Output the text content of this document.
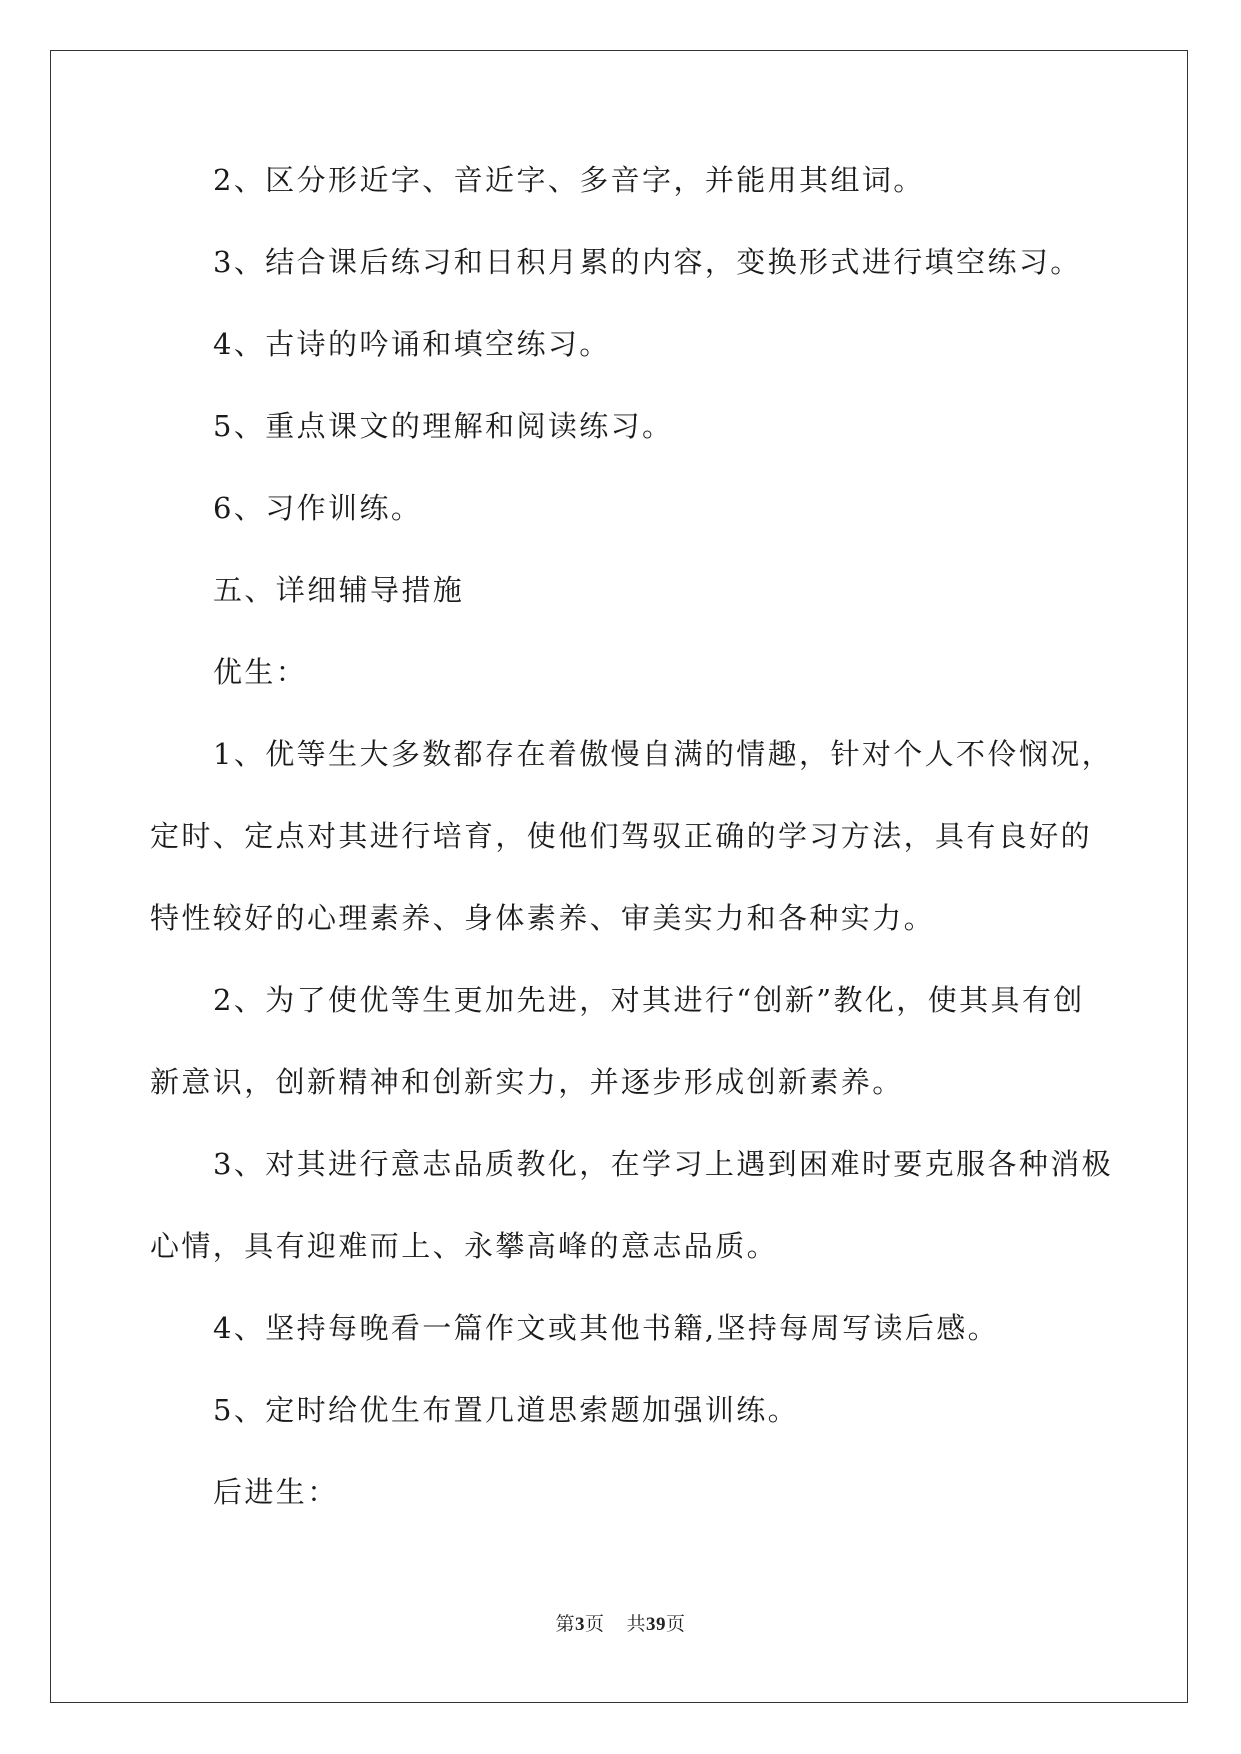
2、区分形近字、音近字、多音字，并能用其组词。
3、结合课后练习和日积月累的内容，变换形式进行填空练习。
4、古诗的吟诵和填空练习。
5、重点课文的理解和阅读练习。
6、习作训练。
五、详细辅导措施
优生：
1、优等生大多数都存在着傲慢自满的情趣，针对个人不伶悯况，
定时、定点对其进行培育，使他们驾驭正确的学习方法，具有良好的
特性较好的心理素养、身体素养、审美实力和各种实力。
2、为了使优等生更加先进，对其进行“创新”教化，使其具有创
新意识，创新精神和创新实力，并逐步形成创新素养。
3、对其进行意志品质教化，在学习上遇到困难时要克服各种消极
心情，具有迎难而上、永攀高峰的意志品质。
4、坚持每晚看一篇作文或其他书籍,坚持每周写读后感。
5、定时给优生布置几道思索题加强训练。
后进生：
第3页 共39页
